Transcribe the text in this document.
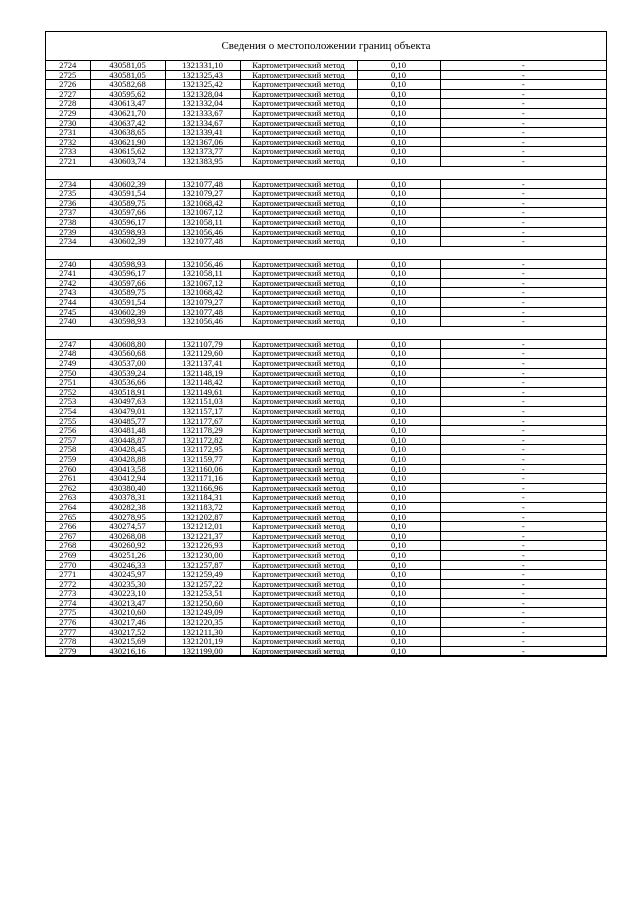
Сведения о местоположении границ объекта
2724	430581,05	1321331,10	Картометрический метод	0,10	-
2725	430581,05	1321325,43	Картометрический метод	0,10	-
2726	430582,68	1321325,42	Картометрический метод	0,10	-
2727	430595,62	1321328,04	Картометрический метод	0,10	-
2728	430613,47	1321332,04	Картометрический метод	0,10	-
2729	430621,70	1321333,67	Картометрический метод	0,10	-
2730	430637,42	1321334,67	Картометрический метод	0,10	-
2731	430638,65	1321339,41	Картометрический метод	0,10	-
2732	430621,90	1321367,06	Картометрический метод	0,10	-
2733	430615,62	1321373,77	Картометрический метод	0,10	-
2721	430603,74	1321383,95	Картометрический метод	0,10	-

2734	430602,39	1321077,48	Картометрический метод	0,10	-
2735	430591,54	1321079,27	Картометрический метод	0,10	-
2736	430589,75	1321068,42	Картометрический метод	0,10	-
2737	430597,66	1321067,12	Картометрический метод	0,10	-
2738	430596,17	1321058,11	Картометрический метод	0,10	-
2739	430598,93	1321056,46	Картометрический метод	0,10	-
2734	430602,39	1321077,48	Картометрический метод	0,10	-

2740	430598,93	1321056,46	Картометрический метод	0,10	-
2741	430596,17	1321058,11	Картометрический метод	0,10	-
2742	430597,66	1321067,12	Картометрический метод	0,10	-
2743	430589,75	1321068,42	Картометрический метод	0,10	-
2744	430591,54	1321079,27	Картометрический метод	0,10	-
2745	430602,39	1321077,48	Картометрический метод	0,10	-
2740	430598,93	1321056,46	Картометрический метод	0,10	-

2747	430608,80	1321107,79	Картометрический метод	0,10	-
2748	430560,68	1321129,60	Картометрический метод	0,10	-
2749	430537,00	1321137,41	Картометрический метод	0,10	-
2750	430539,24	1321148,19	Картометрический метод	0,10	-
2751	430536,66	1321148,42	Картометрический метод	0,10	-
2752	430518,91	1321149,61	Картометрический метод	0,10	-
2753	430497,63	1321151,03	Картометрический метод	0,10	-
2754	430479,01	1321157,17	Картометрический метод	0,10	-
2755	430485,77	1321177,67	Картометрический метод	0,10	-
2756	430481,48	1321178,29	Картометрический метод	0,10	-
2757	430448,87	1321172,82	Картометрический метод	0,10	-
2758	430428,45	1321172,95	Картометрический метод	0,10	-
2759	430428,88	1321159,77	Картометрический метод	0,10	-
2760	430413,58	1321160,06	Картометрический метод	0,10	-
2761	430412,94	1321171,16	Картометрический метод	0,10	-
2762	430380,40	1321166,96	Картометрический метод	0,10	-
2763	430378,31	1321184,31	Картометрический метод	0,10	-
2764	430282,38	1321183,72	Картометрический метод	0,10	-
2765	430278,95	1321202,87	Картометрический метод	0,10	-
2766	430274,57	1321212,01	Картометрический метод	0,10	-
2767	430268,08	1321221,37	Картометрический метод	0,10	-
2768	430260,92	1321226,93	Картометрический метод	0,10	-
2769	430251,26	1321230,00	Картометрический метод	0,10	-
2770	430246,33	1321257,87	Картометрический метод	0,10	-
2771	430245,97	1321259,49	Картометрический метод	0,10	-
2772	430235,30	1321257,22	Картометрический метод	0,10	-
2773	430223,10	1321253,51	Картометрический метод	0,10	-
2774	430213,47	1321250,60	Картометрический метод	0,10	-
2775	430210,60	1321249,09	Картометрический метод	0,10	-
2776	430217,46	1321220,35	Картометрический метод	0,10	-
2777	430217,52	1321211,30	Картометрический метод	0,10	-
2778	430215,69	1321201,19	Картометрический метод	0,10	-
2779	430216,16	1321199,00	Картометрический метод	0,10	-
